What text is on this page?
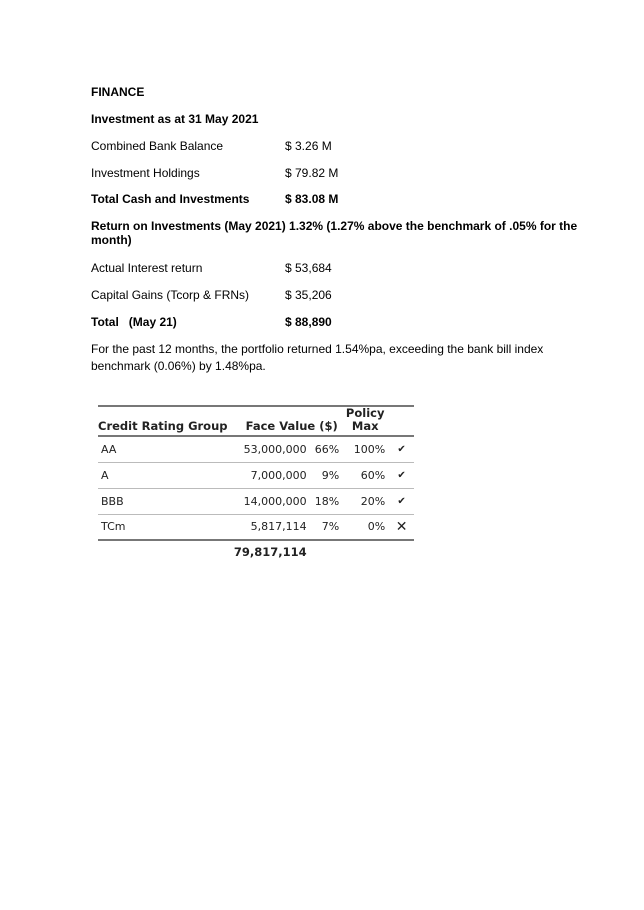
FINANCE
Investment as at 31 May 2021
Combined Bank Balance	$ 3.26 M
Investment Holdings	$ 79.82 M
Total Cash and Investments	$ 83.08 M
Return on Investments (May 2021) 1.32% (1.27% above the benchmark of .05% for the month)
Actual Interest return	$ 53,684
Capital Gains (Tcorp & FRNs)	$ 35,206
Total   (May 21)	$ 88,890
For the past 12 months, the portfolio returned 1.54%pa, exceeding the bank bill index benchmark (0.06%) by 1.48%pa.
Credit Rating Group	Face Value ($)		Policy Max	
AA	53,000,000	66%	100%	✔
A	7,000,000	9%	60%	✔
BBB	14,000,000	18%	20%	✔
TCm	5,817,114	7%	0%	✕
	79,817,114			
